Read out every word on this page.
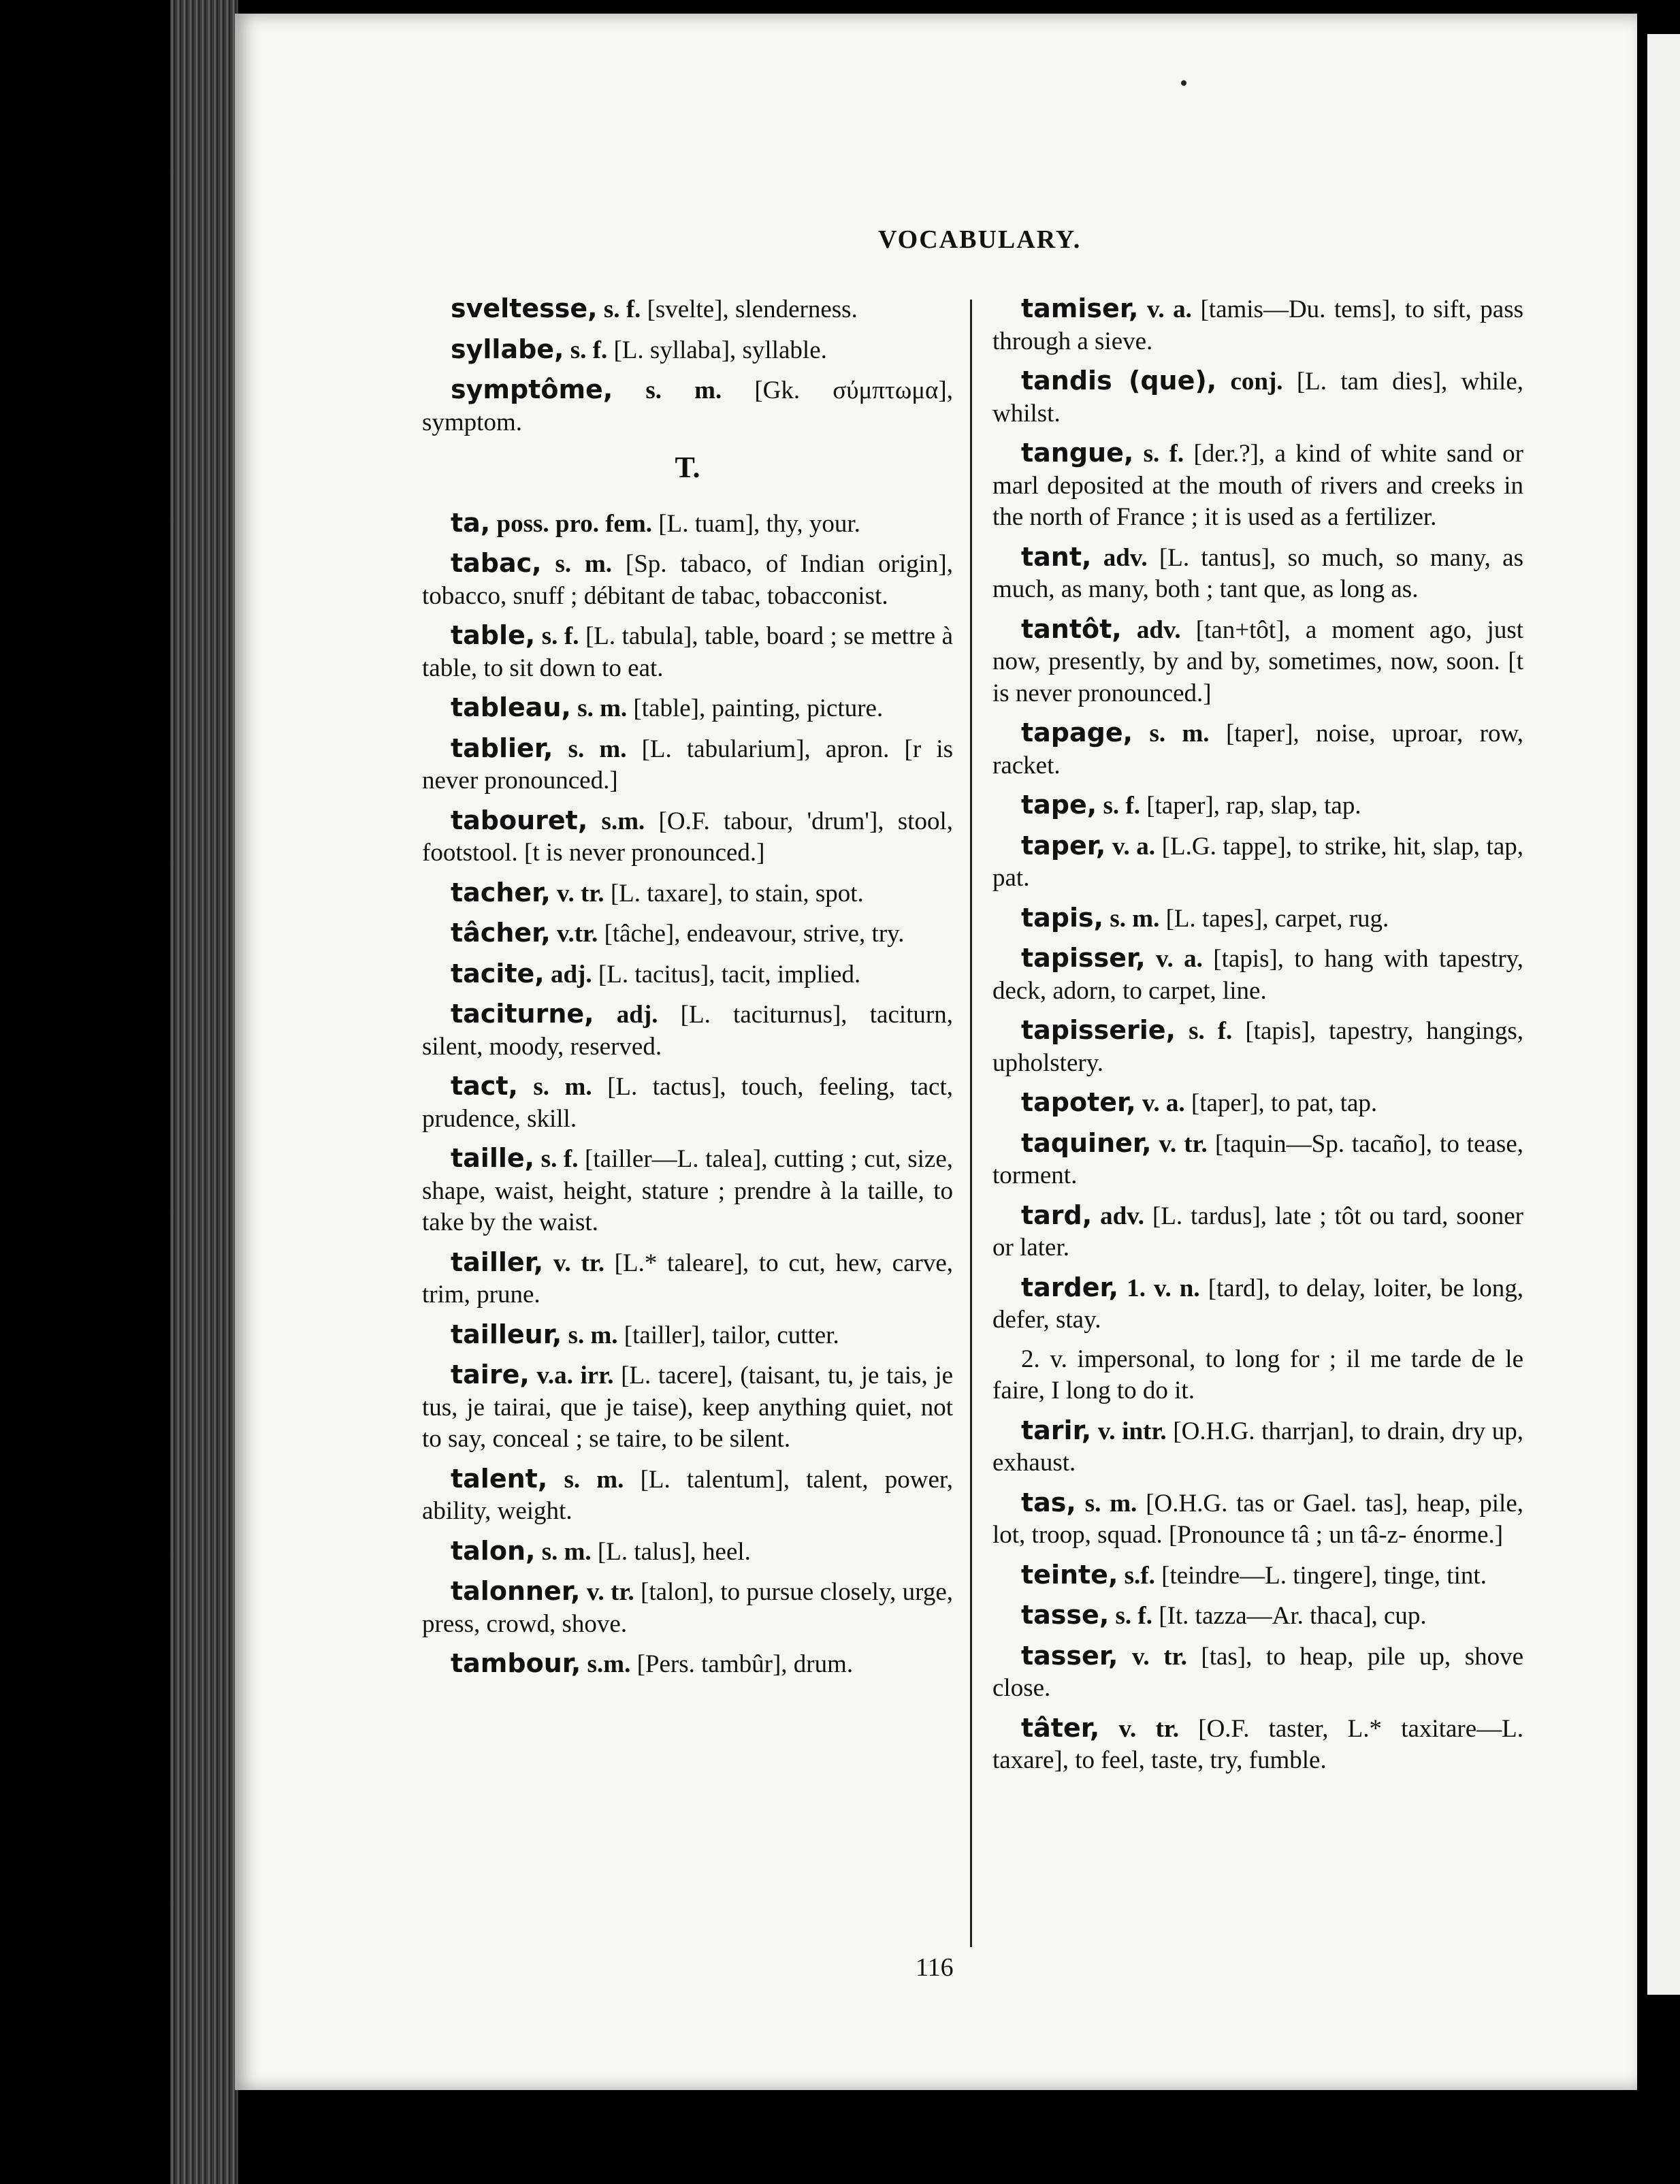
VOCABULARY.
sveltesse, s. f. [svelte], slenderness.
syllabe, s. f. [L. syllaba], syllable.
symptôme, s. m. [Gk. σύμπτωμα], symptom.
T.
ta, poss. pro. fem. [L. tuam], thy, your.
tabac, s. m. [Sp. tabaco, of Indian origin], tobacco, snuff ; débitant de tabac, tobacconist.
table, s. f. [L. tabula], table, board ; se mettre à table, to sit down to eat.
tableau, s. m. [table], painting, picture.
tablier, s. m. [L. tabularium], apron. [r is never pronounced.]
tabouret, s.m. [O.F. tabour, 'drum'], stool, footstool. [t is never pronounced.]
tacher, v. tr. [L. taxare], to stain, spot.
tâcher, v.tr. [tâche], endeavour, strive, try.
tacite, adj. [L. tacitus], tacit, implied.
taciturne, adj. [L. taciturnus], taciturn, silent, moody, reserved.
tact, s. m. [L. tactus], touch, feeling, tact, prudence, skill.
taille, s. f. [tailler—L. talea], cutting ; cut, size, shape, waist, height, stature ; prendre à la taille, to take by the waist.
tailler, v. tr. [L.* taleare], to cut, hew, carve, trim, prune.
tailleur, s. m. [tailler], tailor, cutter.
taire, v.a. irr. [L. tacere], (taisant, tu, je tais, je tus, je tairai, que je taise), keep anything quiet, not to say, conceal ; se taire, to be silent.
talent, s. m. [L. talentum], talent, power, ability, weight.
talon, s. m. [L. talus], heel.
talonner, v. tr. [talon], to pursue closely, urge, press, crowd, shove.
tambour, s.m. [Pers. tambûr], drum.
tamiser, v. a. [tamis—Du. tems], to sift, pass through a sieve.
tandis (que), conj. [L. tam dies], while, whilst.
tangue, s. f. [der.?], a kind of white sand or marl deposited at the mouth of rivers and creeks in the north of France ; it is used as a fertilizer.
tant, adv. [L. tantus], so much, so many, as much, as many, both ; tant que, as long as.
tantôt, adv. [tan+tôt], a moment ago, just now, presently, by and by, sometimes, now, soon. [t is never pronounced.]
tapage, s. m. [taper], noise, uproar, row, racket.
tape, s. f. [taper], rap, slap, tap.
taper, v. a. [L.G. tappe], to strike, hit, slap, tap, pat.
tapis, s. m. [L. tapes], carpet, rug.
tapisser, v. a. [tapis], to hang with tapestry, deck, adorn, to carpet, line.
tapisserie, s. f. [tapis], tapestry, hangings, upholstery.
tapoter, v. a. [taper], to pat, tap.
taquiner, v. tr. [taquin—Sp. tacaño], to tease, torment.
tard, adv. [L. tardus], late ; tôt ou tard, sooner or later.
tarder, 1. v. n. [tard], to delay, loiter, be long, defer, stay.
2. v. impersonal, to long for ; il me tarde de le faire, I long to do it.
tarir, v. intr. [O.H.G. tharrjan], to drain, dry up, exhaust.
tas, s. m. [O.H.G. tas or Gael. tas], heap, pile, lot, troop, squad. [Pronounce tâ ; un tâ-z- énorme.]
teinte, s.f. [teindre—L. tingere], tinge, tint.
tasse, s. f. [It. tazza—Ar. thaca], cup.
tasser, v. tr. [tas], to heap, pile up, shove close.
tâter, v. tr. [O.F. taster, L.* taxitare—L. taxare], to feel, taste, try, fumble.
116
